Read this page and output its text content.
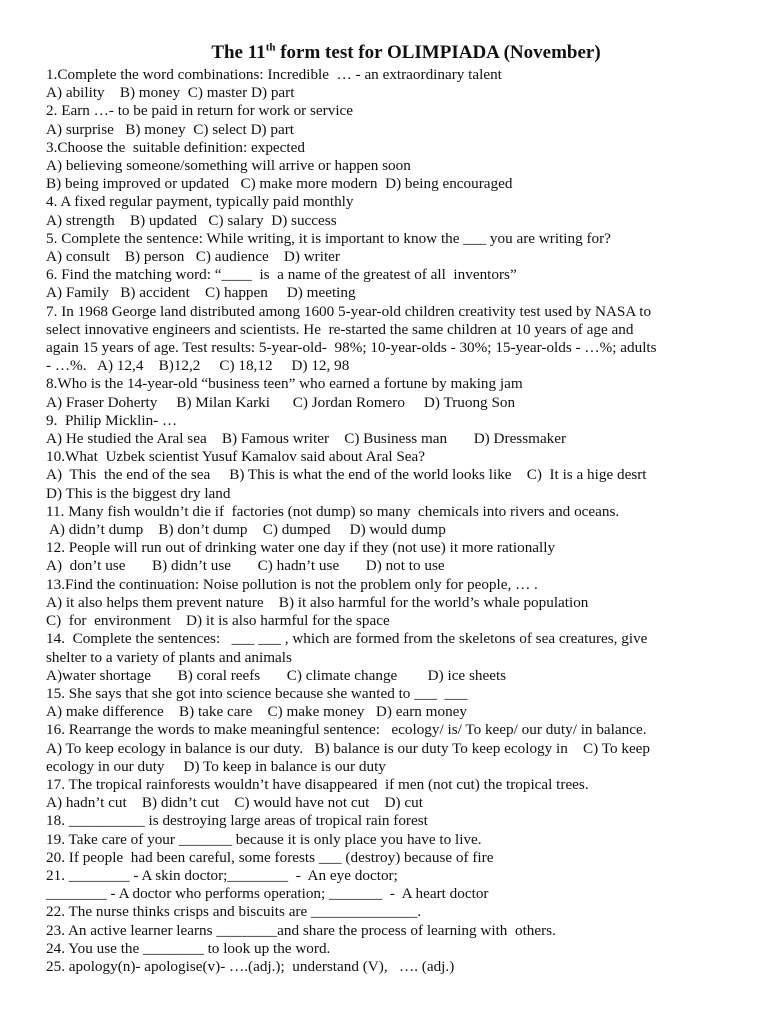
The 11th form test for OLIMPIADA (November)
1.Complete the word combinations: Incredible  … - an extraordinary talent
A) ability    B) money  C) master D) part
2. Earn …- to be paid in return for work or service
A) surprise   B) money  C) select D) part
3.Choose the  suitable definition: expected
A) believing someone/something will arrive or happen soon
B) being improved or updated   C) make more modern  D) being encouraged
4. A fixed regular payment, typically paid monthly
A) strength    B) updated   C) salary  D) success
5. Complete the sentence: While writing, it is important to know the ___ you are writing for?
A) consult    B) person   C) audience    D) writer
6. Find the matching word: “____  is  a name of the greatest of all  inventors”
A) Family   B) accident    C) happen     D) meeting
7. In 1968 George land distributed among 1600 5-year-old children creativity test used by NASA to
select innovative engineers and scientists. He  re-started the same children at 10 years of age and
again 15 years of age. Test results: 5-year-old-  98%; 10-year-olds - 30%; 15-year-olds - …%; adults
- …%.   A) 12,4    B)12,2     C) 18,12     D) 12, 98
8.Who is the 14-year-old “business teen” who earned a fortune by making jam
A) Fraser Doherty     B) Milan Karki      C) Jordan Romero     D) Truong Son
9.  Philip Micklin- …
A) He studied the Aral sea    B) Famous writer    C) Business man       D) Dressmaker
10.What  Uzbek scientist Yusuf Kamalov said about Aral Sea?
A)  This  the end of the sea     B) This is what the end of the world looks like    C)  It is a hige desrt
D) This is the biggest dry land
11. Many fish wouldn’t die if  factories (not dump) so many  chemicals into rivers and oceans.
A) didn’t dump    B) don’t dump    C) dumped     D) would dump
12. People will run out of drinking water one day if they (not use) it more rationally
A)  don’t use       B) didn’t use       C) hadn’t use       D) not to use
13.Find the continuation: Noise pollution is not the problem only for people, … .
A) it also helps them prevent nature    B) it also harmful for the world’s whale population
C)  for  environment    D) it is also harmful for the space
14.  Complete the sentences:   ___ ___ , which are formed from the skeletons of sea creatures, give
shelter to a variety of plants and animals
A)water shortage       B) coral reefs       C) climate change        D) ice sheets
15. She says that she got into science because she wanted to ___  ___
A) make difference    B) take care    C) make money   D) earn money
16. Rearrange the words to make meaningful sentence:   ecology/ is/ To keep/ our duty/ in balance.
A) To keep ecology in balance is our duty.   B) balance is our duty To keep ecology in    C) To keep
ecology in our duty     D) To keep in balance is our duty
17. The tropical rainforests wouldn’t have disappeared  if men (not cut) the tropical trees.
A) hadn’t cut    B) didn’t cut    C) would have not cut    D) cut
18. __________ is destroying large areas of tropical rain forest
19. Take care of your _______ because it is only place you have to live.
20. If people  had been careful, some forests ___ (destroy) because of fire
21. ________ - A skin doctor;________  -  An eye doctor;
________ - A doctor who performs operation; _______  -  A heart doctor
22. The nurse thinks crisps and biscuits are ______________.
23. An active learner learns ________and share the process of learning with  others.
24. You use the ________ to look up the word.
25. apology(n)- apologise(v)- ….(adj.);  understand (V),   …. (adj.)
